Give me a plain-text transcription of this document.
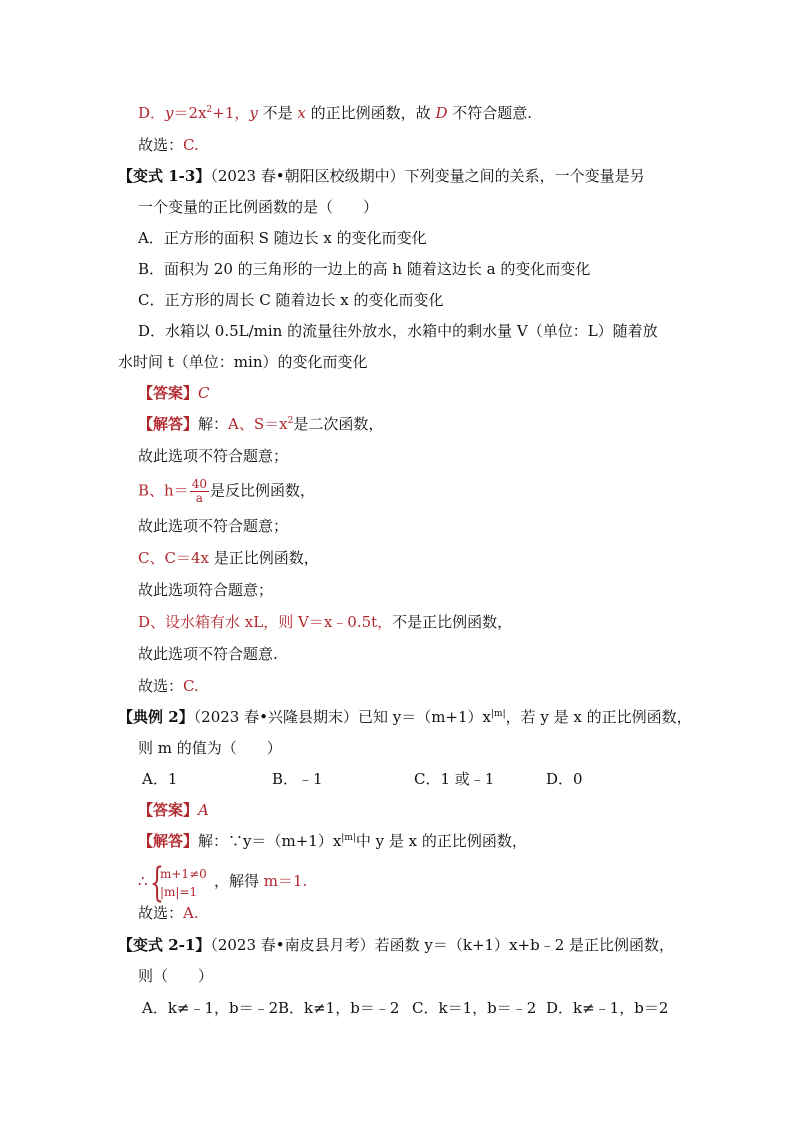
D．$y=2x^2+1$，y 不是 x 的正比例函数，故 D 不符合题意.
故选：C.
【变式 1-3】（2023 春•朝阳区校级期中）下列变量之间的关系，一个变量是另
一个变量的正比例函数的是（　　）
A．正方形的面积 S 随边长 x 的变化而变化
B．面积为 20 的三角形的一边上的高 h 随着这边长 a 的变化而变化
C．正方形的周长 C 随着边长 x 的变化而变化
D．水箱以 0.5L/min 的流量往外放水，水箱中的剩水量 V（单位：L）随着放
水时间 t（单位：min）的变化而变化
【答案】C
【解答】解：A、$S=x^2$是二次函数，
故此选项不符合题意；
B、$h= \frac{40}{a}$ 是反比例函数，
故此选项不符合题意；
C、C＝4x 是正比例函数，
故此选项符合题意；
D、设水箱有水 xL，则 V＝x﹣0.5t，不是正比例函数，
故此选项不符合题意.
故选：C.
【典例 2】（2023 春•兴隆县期末）已知 $y=(m+1)x^{|m|}$，若 y 是 x 的正比例函数，
则 m 的值为（　　）
A．1	B．﹣1	C．1 或﹣1	D．0
【答案】A
【解答】解：$\because y=(m+1)x^{|m|}$中 y 是 x 的正比例函数，
∴ {
m+1≠0
|m|=1
，解得 m＝1.
故选：A.
【变式 2-1】（2023 春•南皮县月考）若函数 y＝（k+1）x+b﹣2 是正比例函数，
则（　　）
A．k≠﹣1，b＝﹣2 B．k≠1，b＝﹣2 C．k＝1，b＝﹣2 D．k≠﹣1，b＝2
